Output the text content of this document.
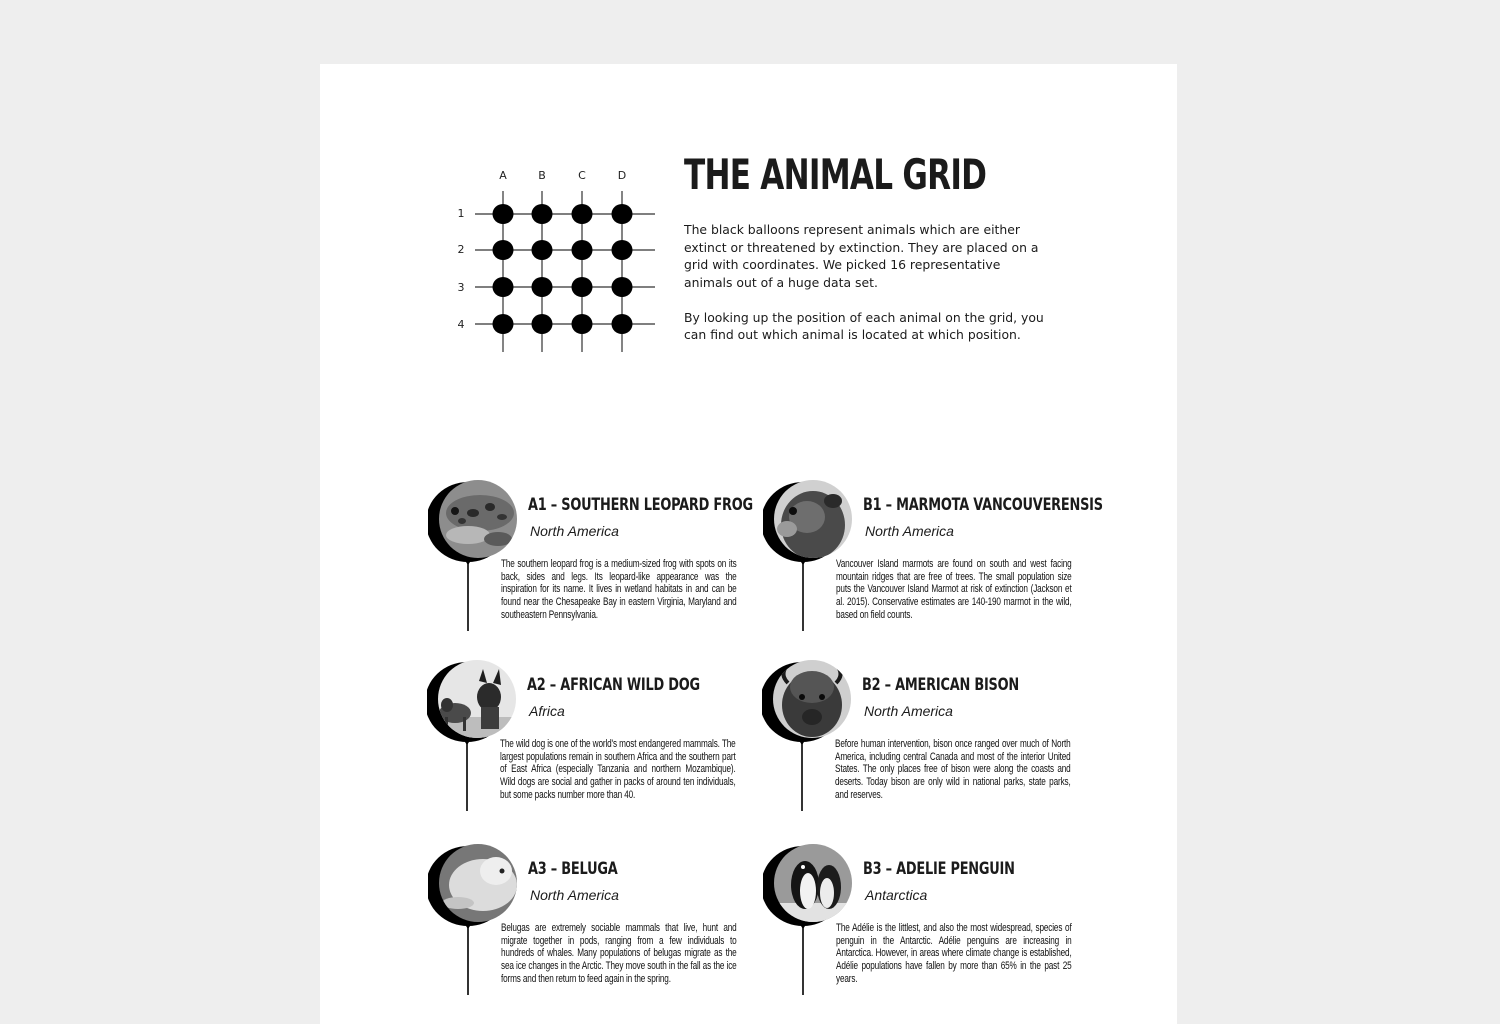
A	B	C	D
1
2
3
4
THE ANIMAL GRID

The black balloons represent animals which are either extinct or threatened by extinction. They are placed on a grid with coordinates. We picked 16 representative animals out of a huge data set.

By looking up the position of each animal on the grid, you can find out which animal is located at which position.

A1 – SOUTHERN LEOPARD FROG
North America

The southern leopard frog is a medium-sized frog with spots on its back, sides and legs. Its leopard-like appearance was the inspiration for its name. It lives in wetland habitats in and can be found near the Chesapeake Bay in eastern Virginia, Maryland and southeastern Pennsylvania.

B1 – MARMOTA VANCOUVERENSIS
North America

Vancouver Island marmots are found on south and west facing mountain ridges that are free of trees. The small population size puts the Vancouver Island Marmot at risk of extinction (Jackson et al. 2015). Conservative estimates are 140-190 marmot in the wild, based on field counts.

A2 – AFRICAN WILD DOG
Africa

The wild dog is one of the world's most endangered mammals. The largest populations remain in southern Africa and the southern part of East Africa (especially Tanzania and northern Mozambique). Wild dogs are social and gather in packs of around ten individuals, but some packs number more than 40.

B2 – AMERICAN BISON
North America

Before human intervention, bison once ranged over much of North America, including central Canada and most of the interior United States. The only places free of bison were along the coasts and deserts. Today bison are only wild in national parks, state parks, and reserves.

A3 – BELUGA
North America

Belugas are extremely sociable mammals that live, hunt and migrate together in pods, ranging from a few individuals to hundreds of whales. Many populations of belugas migrate as the sea ice changes in the Arctic. They move south in the fall as the ice forms and then return to feed again in the spring.

B3 – ADELIE PENGUIN
Antarctica

The Adélie is the littlest, and also the most widespread, species of penguin in the Antarctic. Adélie penguins are increasing in Antarctica. However, in areas where climate change is established, Adélie populations have fallen by more than 65% in the past 25 years.
